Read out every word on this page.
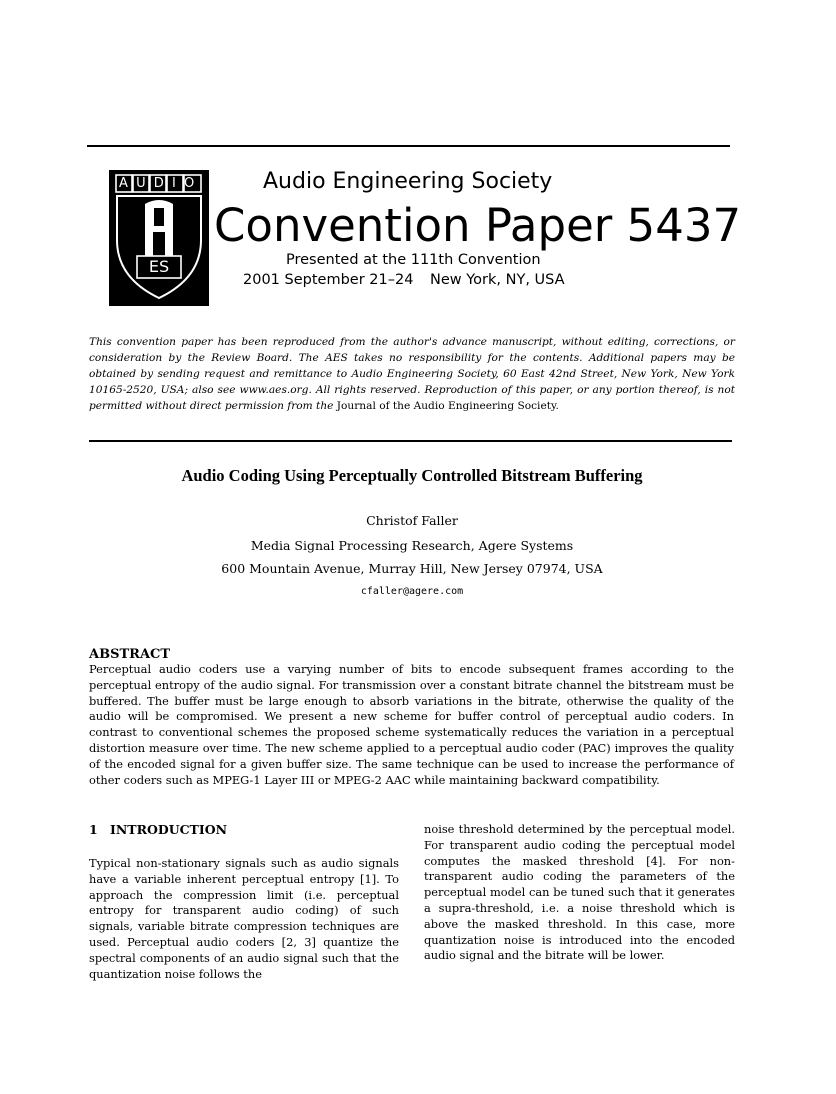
AUDIO
ES
Audio Engineering Society
Convention Paper 5437
Presented at the 111th Convention
2001 September 21–24 New York, NY, USA
This convention paper has been reproduced from the author's advance manuscript, without editing, corrections, or consideration by the Review Board. The AES takes no responsibility for the contents. Additional papers may be obtained by sending request and remittance to Audio Engineering Society, 60 East 42nd Street, New York, New York 10165-2520, USA; also see www.aes.org. All rights reserved. Reproduction of this paper, or any portion thereof, is not permitted without direct permission from the Journal of the Audio Engineering Society.
Audio Coding Using Perceptually Controlled Bitstream Buffering
Christof Faller
Media Signal Processing Research, Agere Systems
600 Mountain Avenue, Murray Hill, New Jersey 07974, USA
cfaller@agere.com
ABSTRACT
Perceptual audio coders use a varying number of bits to encode subsequent frames according to the perceptual entropy of the audio signal. For transmission over a constant bitrate channel the bitstream must be buffered. The buffer must be large enough to absorb variations in the bitrate, otherwise the quality of the audio will be compromised. We present a new scheme for buffer control of perceptual audio coders. In contrast to conventional schemes the proposed scheme systematically reduces the variation in a perceptual distortion measure over time. The new scheme applied to a perceptual audio coder (PAC) improves the quality of the encoded signal for a given buffer size. The same technique can be used to increase the performance of other coders such as MPEG-1 Layer III or MPEG-2 AAC while maintaining backward compatibility.
1 INTRODUCTION
Typical non-stationary signals such as audio signals have a variable inherent perceptual entropy [1]. To approach the compression limit (i.e. perceptual entropy for transparent audio coding) of such signals, variable bitrate compression techniques are used. Perceptual audio coders [2, 3] quantize the spectral components of an audio signal such that the quantization noise follows the
noise threshold determined by the perceptual model. For transparent audio coding the perceptual model computes the masked threshold [4]. For non-transparent audio coding the parameters of the perceptual model can be tuned such that it generates a supra-threshold, i.e. a noise threshold which is above the masked threshold. In this case, more quantization noise is introduced into the encoded audio signal and the bitrate will be lower.
